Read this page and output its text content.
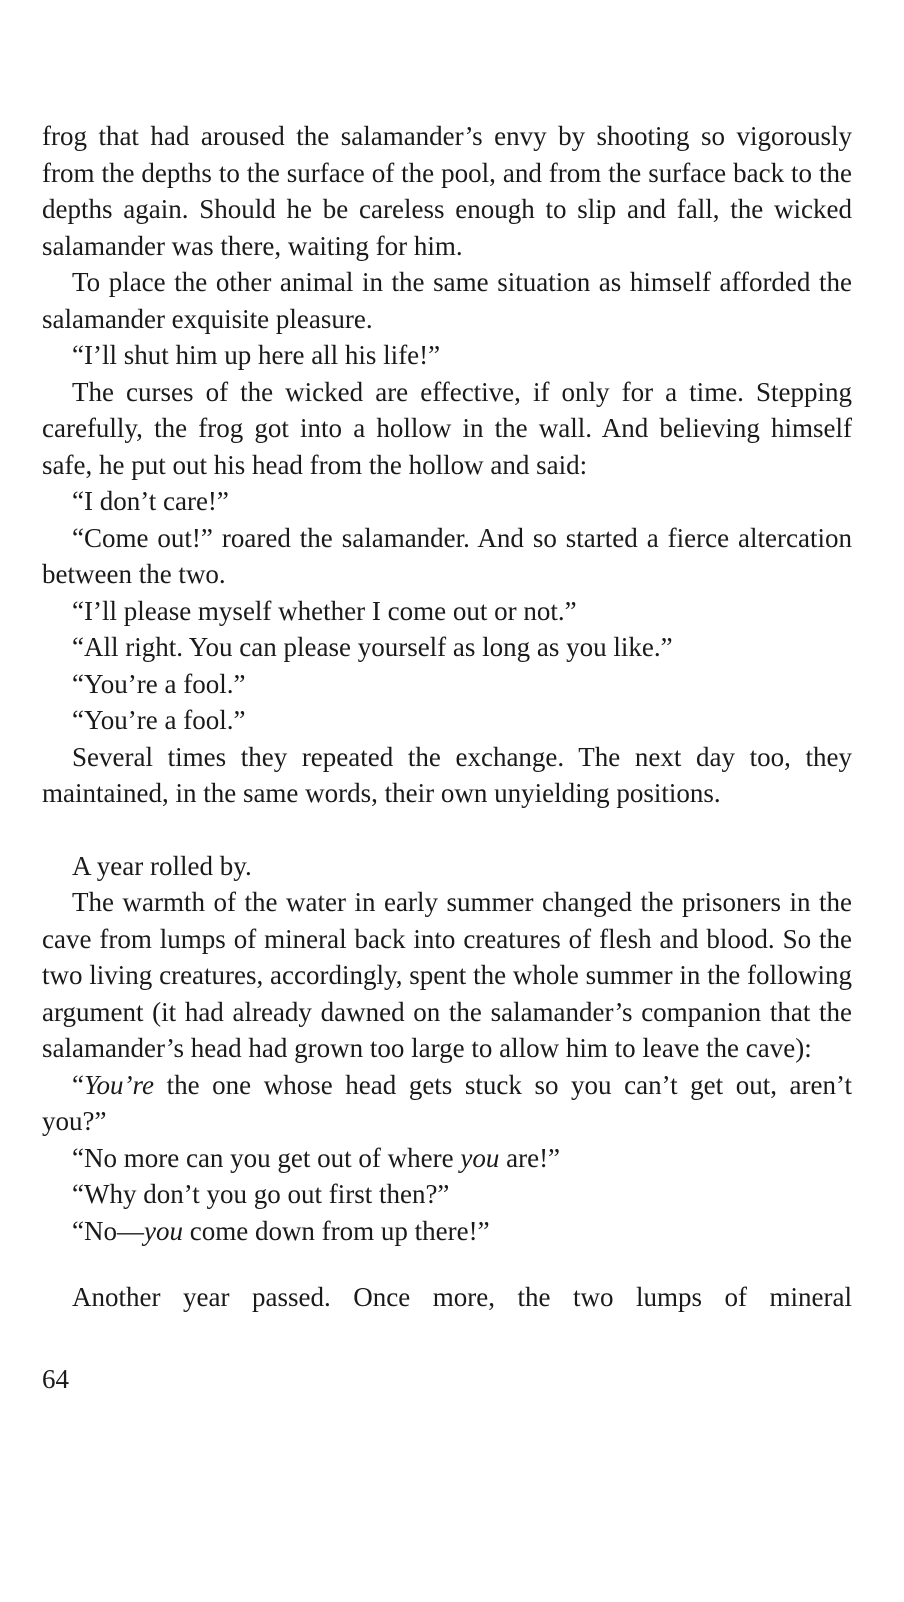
frog that had aroused the salamander’s envy by shooting so vigorously from the depths to the surface of the pool, and from the surface back to the depths again. Should he be careless enough to slip and fall, the wicked salamander was there, waiting for him.

To place the other animal in the same situation as himself afforded the salamander exquisite pleasure.

“I’ll shut him up here all his life!”

The curses of the wicked are effective, if only for a time. Stepping carefully, the frog got into a hollow in the wall. And believing himself safe, he put out his head from the hollow and said:

“I don’t care!”

“Come out!” roared the salamander. And so started a fierce altercation between the two.

“I’ll please myself whether I come out or not.”

“All right. You can please yourself as long as you like.”

“You’re a fool.”

“You’re a fool.”

Several times they repeated the exchange. The next day too, they maintained, in the same words, their own unyielding positions.

A year rolled by.

The warmth of the water in early summer changed the prisoners in the cave from lumps of mineral back into creatures of flesh and blood. So the two living creatures, accordingly, spent the whole summer in the following argument (it had already dawned on the salamander’s companion that the salamander’s head had grown too large to allow him to leave the cave):

“You’re the one whose head gets stuck so you can’t get out, aren’t you?”

“No more can you get out of where you are!”

“Why don’t you go out first then?”

“No—you come down from up there!”

Another year passed. Once more, the two lumps of mineral

64
